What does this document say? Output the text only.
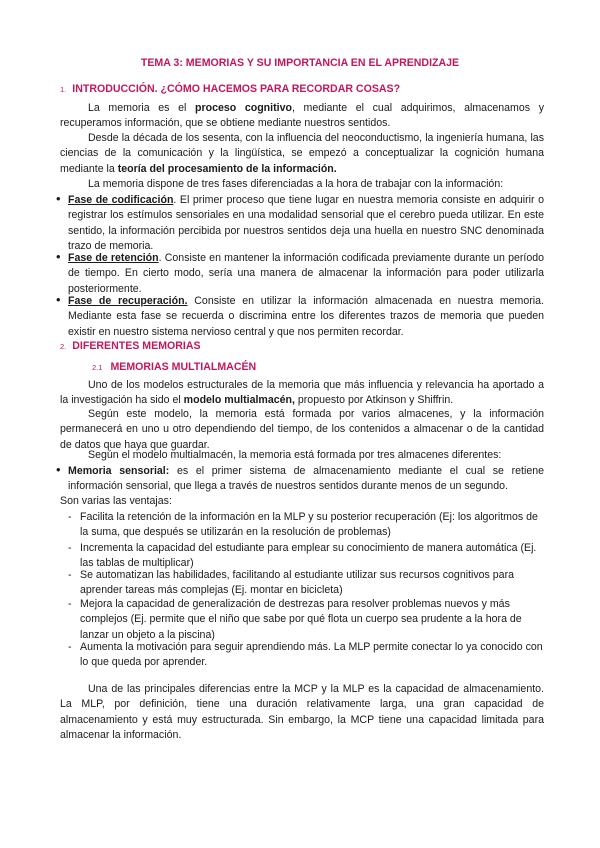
TEMA 3: MEMORIAS Y SU IMPORTANCIA EN EL APRENDIZAJE
1. INTRODUCCIÓN. ¿CÓMO HACEMOS PARA RECORDAR COSAS?
La memoria es el proceso cognitivo, mediante el cual adquirimos, almacenamos y recuperamos información, que se obtiene mediante nuestros sentidos.
Desde la década de los sesenta, con la influencia del neoconductismo, la ingeniería humana, las ciencias de la comunicación y la lingüística, se empezó a conceptualizar la cognición humana mediante la teoría del procesamiento de la información.
La memoria dispone de tres fases diferenciadas a la hora de trabajar con la información:
• Fase de codificación. El primer proceso que tiene lugar en nuestra memoria consiste en adquirir o registrar los estímulos sensoriales en una modalidad sensorial que el cerebro pueda utilizar. En este sentido, la información percibida por nuestros sentidos deja una huella en nuestro SNC denominada trazo de memoria.
• Fase de retención. Consiste en mantener la información codificada previamente durante un período de tiempo. En cierto modo, sería una manera de almacenar la información para poder utilizarla posteriormente.
• Fase de recuperación. Consiste en utilizar la información almacenada en nuestra memoria. Mediante esta fase se recuerda o discrimina entre los diferentes trazos de memoria que pueden existir en nuestro sistema nervioso central y que nos permiten recordar.
2. DIFERENTES MEMORIAS
2.1 MEMORIAS MULTIALMACÉN
Uno de los modelos estructurales de la memoria que más influencia y relevancia ha aportado a la investigación ha sido el modelo multialmacén, propuesto por Atkinson y Shiffrin.
Según este modelo, la memoria está formada por varios almacenes, y la información permanecerá en uno u otro dependiendo del tiempo, de los contenidos a almacenar o de la cantidad de datos que haya que guardar.
Según el modelo multialmacén, la memoria está formada por tres almacenes diferentes:
• Memoria sensorial: es el primer sistema de almacenamiento mediante el cual se retiene información sensorial, que llega a través de nuestros sentidos durante menos de un segundo.
Son varias las ventajas:
- Facilita la retención de la información en la MLP y su posterior recuperación (Ej: los algoritmos de la suma, que después se utilizarán en la resolución de problemas)
- Incrementa la capacidad del estudiante para emplear su conocimiento de manera automática (Ej. las tablas de multiplicar)
- Se automatizan las habilidades, facilitando al estudiante utilizar sus recursos cognitivos para aprender tareas más complejas (Ej. montar en bicicleta)
- Mejora la capacidad de generalización de destrezas para resolver problemas nuevos y más complejos (Ej. permite que el niño que sabe por qué flota un cuerpo sea prudente a la hora de lanzar un objeto a la piscina)
- Aumenta la motivación para seguir aprendiendo más. La MLP permite conectar lo ya conocido con lo que queda por aprender.
Una de las principales diferencias entre la MCP y la MLP es la capacidad de almacenamiento. La MLP, por definición, tiene una duración relativamente larga, una gran capacidad de almacenamiento y está muy estructurada. Sin embargo, la MCP tiene una capacidad limitada para almacenar la información.
